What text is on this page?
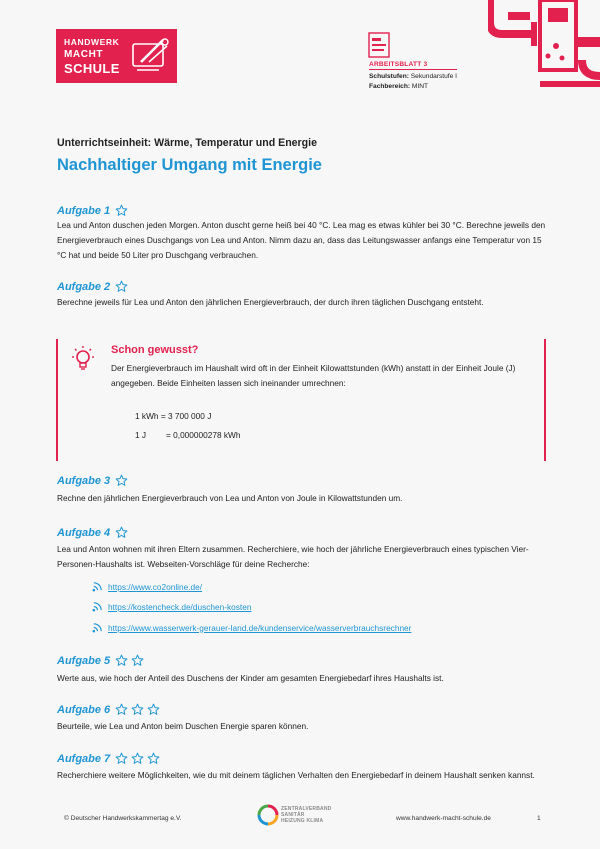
HANDWERK
MACHT
SCHULE	ARBEITSBLATT 3
Schulstufen: Sekundarstufe I
Fachbereich: MINT
Unterrichtseinheit: Wärme, Temperatur und Energie
Nachhaltiger Umgang mit Energie
Aufgabe 1
Lea und Anton duschen jeden Morgen. Anton duscht gerne heiß bei 40 °C. Lea mag es etwas kühler bei 30 °C. Berechne jeweils den Energieverbrauch eines Duschgangs von Lea und Anton. Nimm dazu an, dass das Leitungswasser anfangs eine Temperatur von 15 °C hat und beide 50 Liter pro Duschgang verbrauchen.
Aufgabe 2
Berechne jeweils für Lea und Anton den jährlichen Energieverbrauch, der durch ihren täglichen Duschgang entsteht.
Schon gewusst?
Der Energieverbrauch im Haushalt wird oft in der Einheit Kilowattstunden (kWh) anstatt in der Einheit Joule (J) angegeben. Beide Einheiten lassen sich ineinander umrechnen:
1 kWh = 3 700 000 J
1 J = 0,000000278 kWh
Aufgabe 3
Rechne den jährlichen Energieverbrauch von Lea und Anton von Joule in Kilowattstunden um.
Aufgabe 4
Lea und Anton wohnen mit ihren Eltern zusammen. Recherchiere, wie hoch der jährliche Energieverbrauch eines typischen Vier-Personen-Haushalts ist. Webseiten-Vorschläge für deine Recherche:
https://www.co2online.de/
https://kostencheck.de/duschen-kosten
https://www.wasserwerk-gerauer-land.de/kundenservice/wasserverbrauchsrechner
Aufgabe 5
Werte aus, wie hoch der Anteil des Duschens der Kinder am gesamten Energiebedarf ihres Haushalts ist.
Aufgabe 6
Beurteile, wie Lea und Anton beim Duschen Energie sparen können.
Aufgabe 7
Recherchiere weitere Möglichkeiten, wie du mit deinem täglichen Verhalten den Energiebedarf in deinem Haushalt senken kannst.
© Deutscher Handwerkskammertag e.V.
ZENTRALVERBAND
SANITÄR
HEIZUNG KLIMA	www.handwerk-macht-schule.de	1
